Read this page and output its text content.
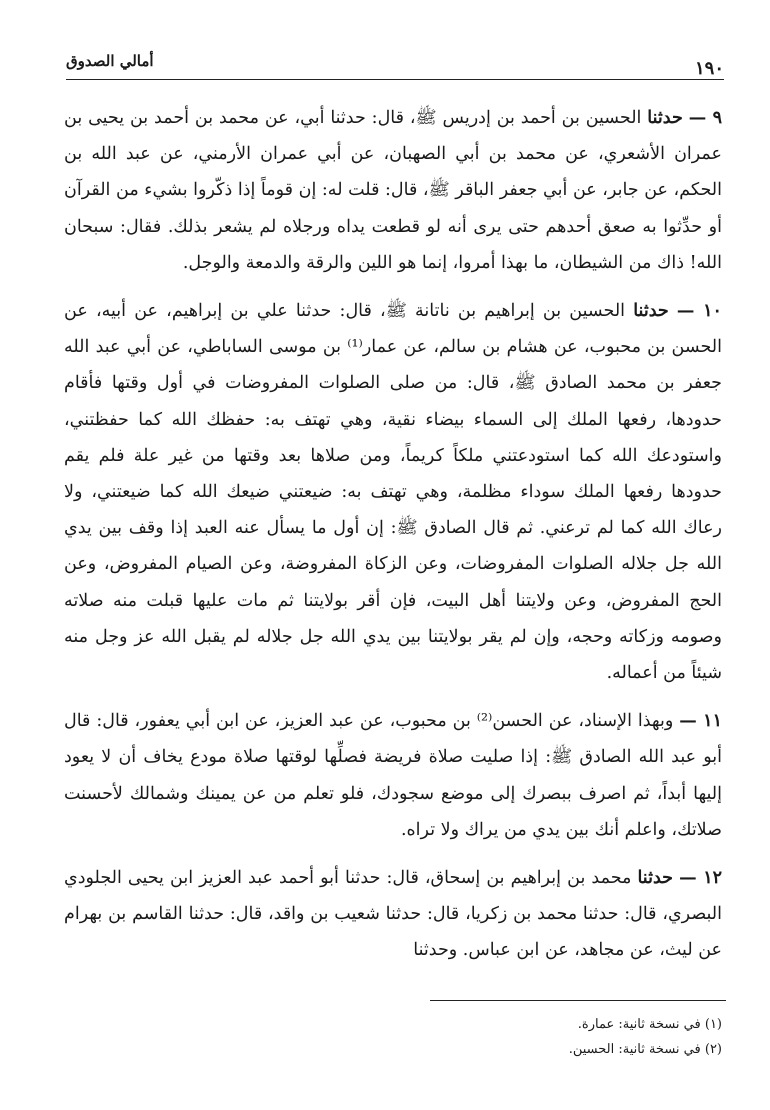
١٩٠
أمالي الصدوق

٩ — حدثنا الحسين بن أحمد بن إدريس ﷺ، قال: حدثنا أبي، عن محمد بن أحمد بن يحيى بن عمران الأشعري، عن محمد بن أبي الصهبان، عن أبي عمران الأرمني، عن عبد الله بن الحكم، عن جابر، عن أبي جعفر الباقر ﷺ، قال: قلت له: إن قوماً إذا ذكّروا بشيء من القرآن أو حدِّثوا به صعق أحدهم حتى يرى أنه لو قطعت يداه ورجلاه لم يشعر بذلك. فقال: سبحان الله! ذاك من الشيطان، ما بهذا أمروا، إنما هو اللين والرقة والدمعة والوجل.

١٠ — حدثنا الحسين بن إبراهيم بن ناتانة ﷺ، قال: حدثنا علي بن إبراهيم، عن أبيه، عن الحسن بن محبوب، عن هشام بن سالم، عن عمار⁽¹⁾ بن موسى الساباطي، عن أبي عبد الله جعفر بن محمد الصادق ﷺ، قال: من صلى الصلوات المفروضات في أول وقتها فأقام حدودها، رفعها الملك إلى السماء بيضاء نقية، وهي تهتف به: حفظك الله كما حفظتني، واستودعك الله كما استودعتني ملكاً كريماً، ومن صلاها بعد وقتها من غير علة فلم يقم حدودها رفعها الملك سوداء مظلمة، وهي تهتف به: ضيعتني ضيعك الله كما ضيعتني، ولا رعاك الله كما لم ترعني. ثم قال الصادق ﷺ: إن أول ما يسأل عنه العبد إذا وقف بين يدي الله جل جلاله الصلوات المفروضات، وعن الزكاة المفروضة، وعن الصيام المفروض، وعن الحج المفروض، وعن ولايتنا أهل البيت، فإن أقر بولايتنا ثم مات عليها قبلت منه صلاته وصومه وزكاته وحجه، وإن لم يقر بولايتنا بين يدي الله جل جلاله لم يقبل الله عز وجل منه شيئاً من أعماله.

١١ — وبهذا الإسناد، عن الحسن⁽²⁾ بن محبوب، عن عبد العزيز، عن ابن أبي يعفور، قال: قال أبو عبد الله الصادق ﷺ: إذا صليت صلاة فريضة فصلِّها لوقتها صلاة مودع يخاف أن لا يعود إليها أبداً، ثم اصرف ببصرك إلى موضع سجودك، فلو تعلم من عن يمينك وشمالك لأحسنت صلاتك، واعلم أنك بين يدي من يراك ولا تراه.

١٢ — حدثنا محمد بن إبراهيم بن إسحاق، قال: حدثنا أبو أحمد عبد العزيز ابن يحيى الجلودي البصري، قال: حدثنا محمد بن زكريا، قال: حدثنا شعيب بن واقد، قال: حدثنا القاسم بن بهرام عن ليث، عن مجاهد، عن ابن عباس. وحدثنا

(١) في نسخة ثانية: عمارة.

(٢) في نسخة ثانية: الحسين.
